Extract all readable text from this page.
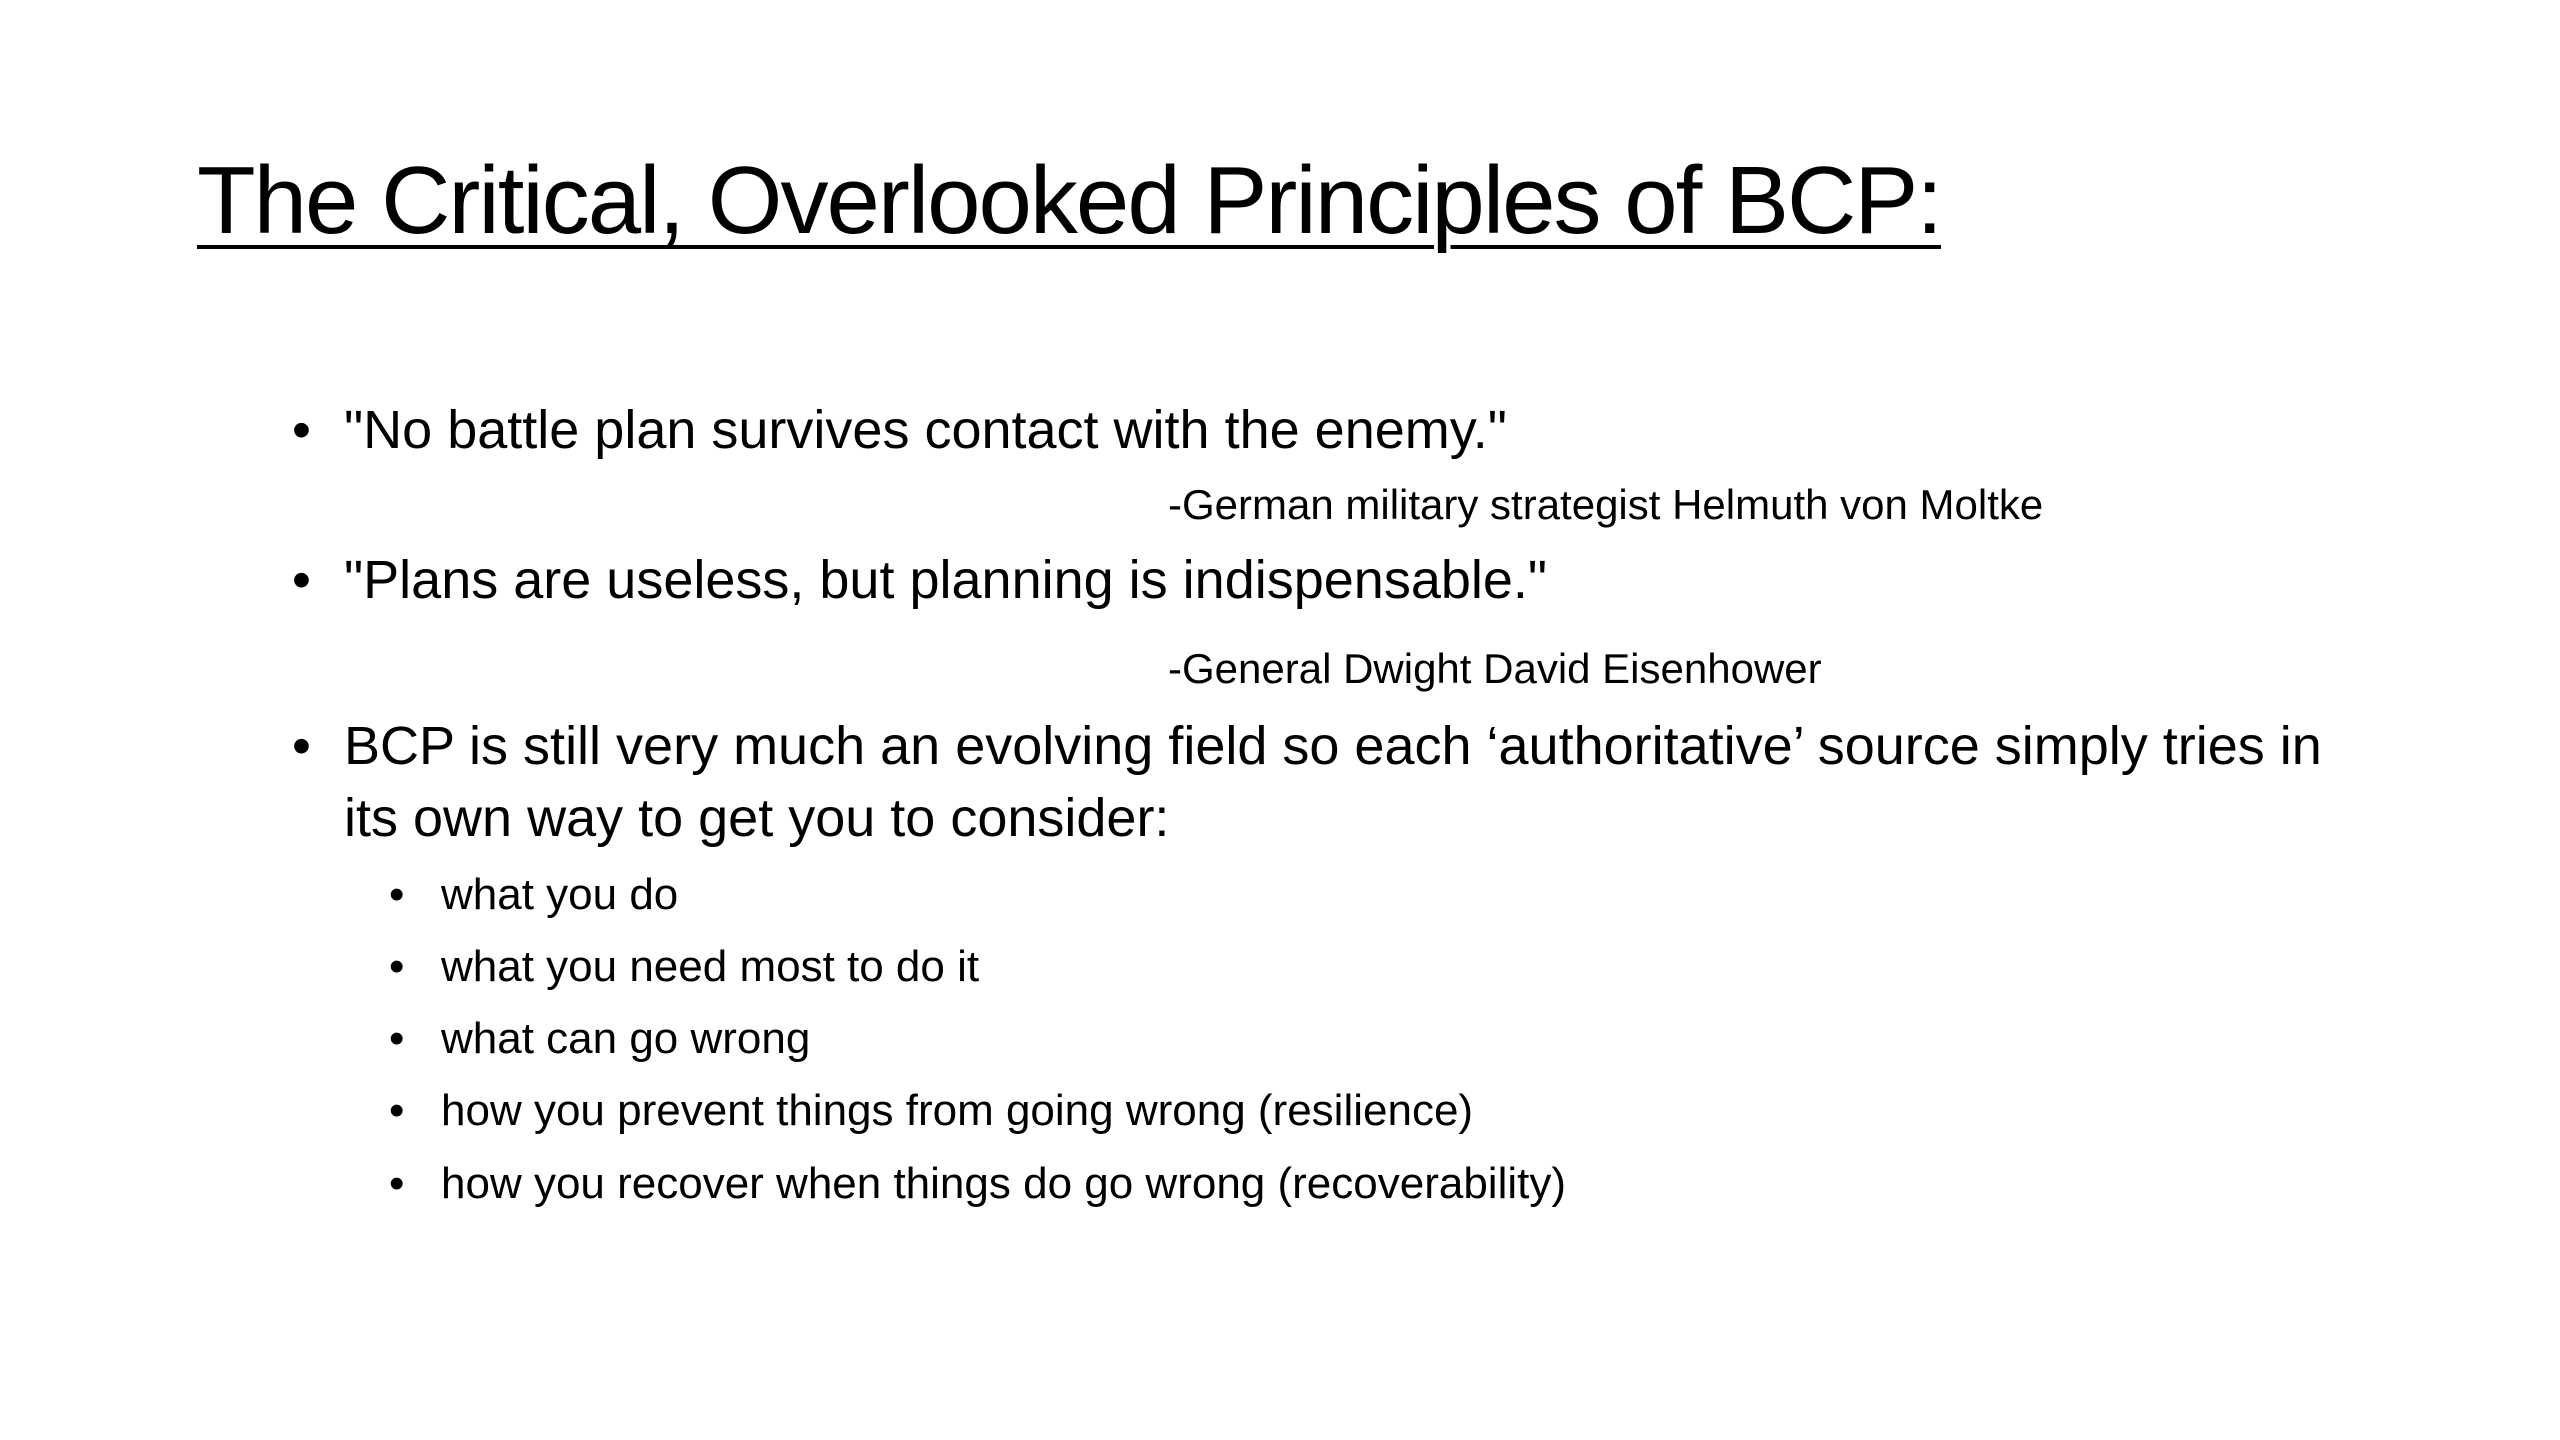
The Critical, Overlooked Principles of BCP:
• "No battle plan survives contact with the enemy."
-German military strategist Helmuth von Moltke
• "Plans are useless, but planning is indispensable."
-General Dwight David Eisenhower
• BCP is still very much an evolving field so each ‘authoritative’ source simply tries in its own way to get you to consider:
• what you do
• what you need most to do it
• what can go wrong
• how you prevent things from going wrong (resilience)
• how you recover when things do go wrong (recoverability)
